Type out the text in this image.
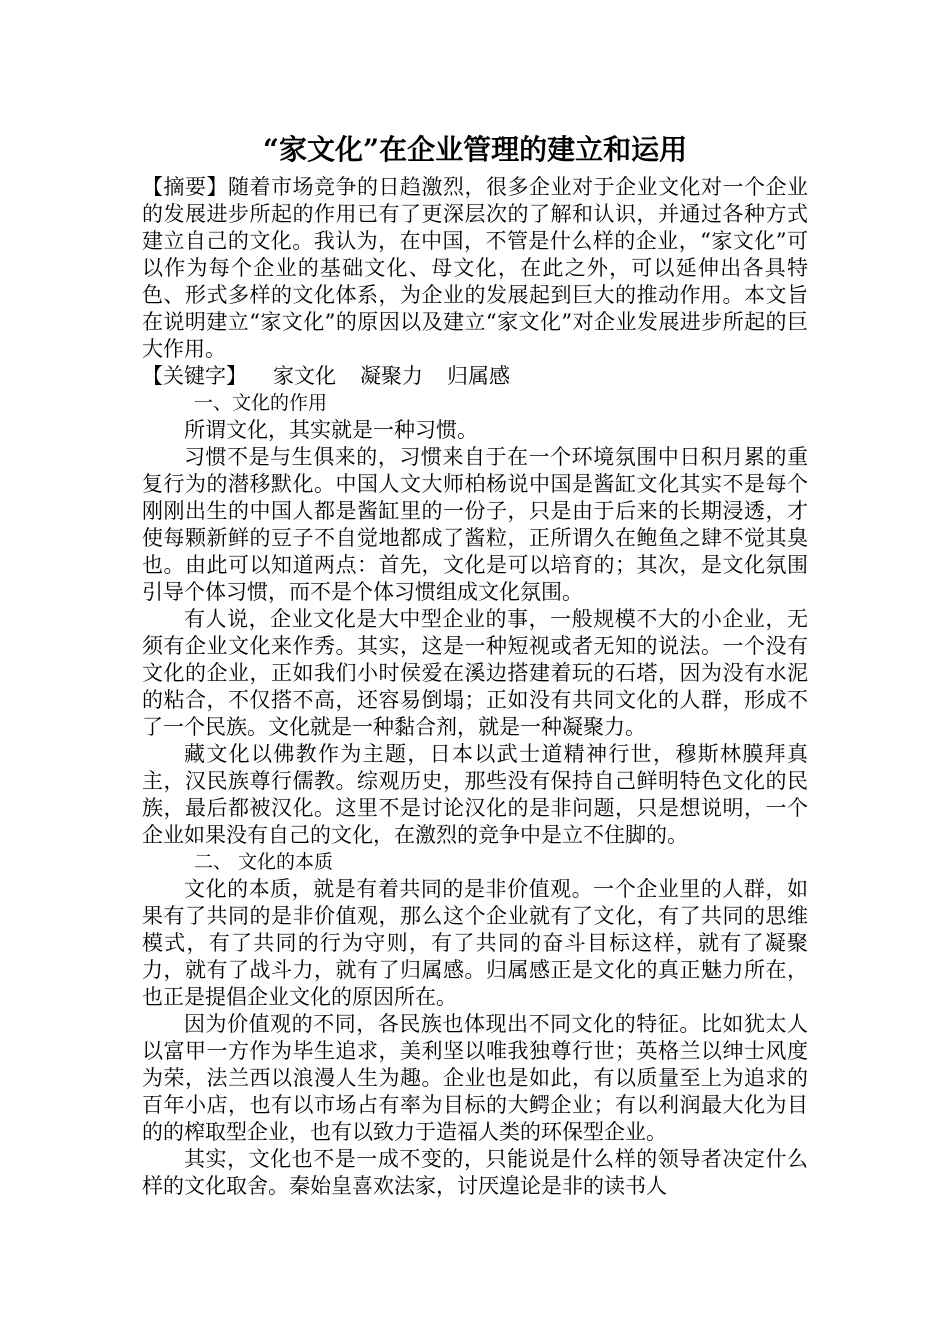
“家文化”在企业管理的建立和运用

【摘要】随着市场竞争的日趋激烈，很多企业对于企业文化对一个企业的发展进步所起的作用已有了更深层次的了解和认识，并通过各种方式建立自己的文化。我认为，在中国，不管是什么样的企业，“家文化”可以作为每个企业的基础文化、母文化，在此之外，可以延伸出各具特色、形式多样的文化体系，为企业的发展起到巨大的推动作用。本文旨在说明建立“家文化”的原因以及建立“家文化”对企业发展进步所起的巨大作用。

【关键字】 家文化 凝聚力 归属感

一、文化的作用

所谓文化，其实就是一种习惯。

习惯不是与生俱来的，习惯来自于在一个环境氛围中日积月累的重复行为的潜移默化。中国人文大师柏杨说中国是酱缸文化其实不是每个刚刚出生的中国人都是酱缸里的一份子，只是由于后来的长期浸透，才使每颗新鲜的豆子不自觉地都成了酱粒，正所谓久在鲍鱼之肆不觉其臭也。由此可以知道两点：首先，文化是可以培育的；其次，是文化氛围引导个体习惯，而不是个体习惯组成文化氛围。

有人说，企业文化是大中型企业的事，一般规模不大的小企业，无须有企业文化来作秀。其实，这是一种短视或者无知的说法。一个没有文化的企业，正如我们小时侯爱在溪边搭建着玩的石塔，因为没有水泥的粘合，不仅搭不高，还容易倒塌；正如没有共同文化的人群，形成不了一个民族。文化就是一种黏合剂，就是一种凝聚力。

藏文化以佛教作为主题，日本以武士道精神行世，穆斯林膜拜真主，汉民族尊行儒教。综观历史，那些没有保持自己鲜明特色文化的民族，最后都被汉化。这里不是讨论汉化的是非问题，只是想说明，一个企业如果没有自己的文化，在激烈的竞争中是立不住脚的。

二、 文化的本质

文化的本质，就是有着共同的是非价值观。一个企业里的人群，如果有了共同的是非价值观，那么这个企业就有了文化，有了共同的思维模式，有了共同的行为守则，有了共同的奋斗目标这样，就有了凝聚力，就有了战斗力，就有了归属感。归属感正是文化的真正魅力所在，也正是提倡企业文化的原因所在。

因为价值观的不同，各民族也体现出不同文化的特征。比如犹太人以富甲一方作为毕生追求，美利坚以唯我独尊行世；英格兰以绅士风度为荣，法兰西以浪漫人生为趣。企业也是如此，有以质量至上为追求的百年小店，也有以市场占有率为目标的大鳄企业；有以利润最大化为目的的榨取型企业，也有以致力于造福人类的环保型企业。

其实，文化也不是一成不变的，只能说是什么样的领导者决定什么样的文化取舍。秦始皇喜欢法家，讨厌遑论是非的读书人
